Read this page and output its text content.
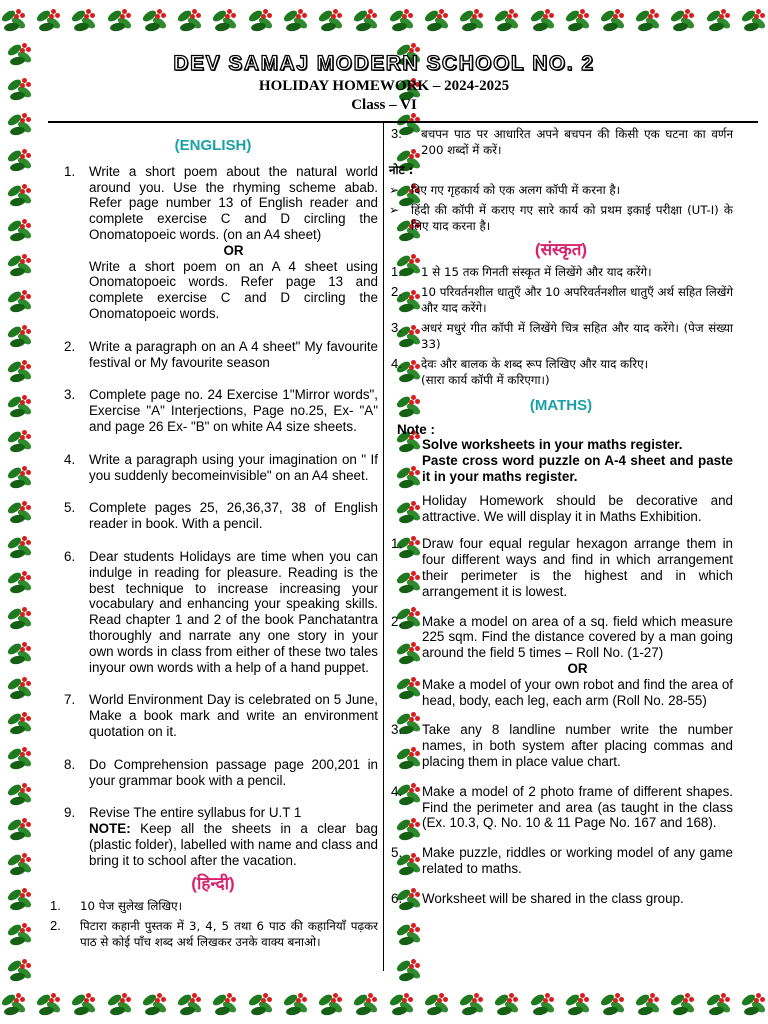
DEV SAMAJ MODERN SCHOOL NO. 2
HOLIDAY HOMEWORK – 2024-2025
Class – VI
(ENGLISH)
1.	Write a short poem about the natural world around you. Use the rhyming scheme abab. Refer page number 13 of English reader and complete exercise C and D circling the Onomatopoeic words. (on an A4 sheet)
OR
Write a short poem on an A 4 sheet using Onomatopoeic words. Refer page 13 and complete exercise C and D circling the Onomatopoeic words.
2.	Write a paragraph on an A 4 sheet" My favourite festival or My favourite season
3.	Complete page no. 24 Exercise 1"Mirror words", Exercise "A" Interjections, Page no.25, Ex- "A" and page 26 Ex- "B" on white A4 size sheets.
4.	Write a paragraph using your imagination on " If you suddenly becomeinvisible" on an A4 sheet.
5.	Complete pages 25, 26,36,37, 38 of English reader in book. With a pencil.
6.	Dear students Holidays are time when you can indulge in reading for pleasure. Reading is the best technique to increase increasing your vocabulary and enhancing your speaking skills. Read chapter 1 and 2 of the book Panchatantra thoroughly and narrate any one story in your own words in class from either of these two tales inyour own words with a help of a hand puppet.
7.	World Environment Day is celebrated on 5 June, Make a book mark and write an environment quotation on it.
8.	Do Comprehension passage page 200,201 in your grammar book with a pencil.
9.	Revise The entire syllabus for U.T 1
NOTE: Keep all the sheets in a clear bag (plastic folder), labelled with name and class and bring it to school after the vacation.
(हिन्दी)
1.	10 पेज सुलेख लिखिए।
2.	पिटारा कहानी पुस्तक में 3, 4, 5 तथा 6 पाठ की कहानियाँ पढ़कर पाठ से कोई पाँच शब्द अर्थ लिखकर उनके वाक्य बनाओ।
3.	बचपन पाठ पर आधारित अपने बचपन की किसी एक घटना का वर्णन 200 शब्दों में करें।
नोट :
➢	दिए गए गृहकार्य को एक अलग कॉपी में करना है।
➢	हिंदी की कॉपी में कराए गए सारे कार्य को प्रथम इकाई परीक्षा (UT-I) के लिए याद करना है।
(संस्कृत)
1.	1 से 15 तक गिनती संस्कृत में लिखेंगे और याद करेंगे।
2.	10 परिवर्तनशील धातुएँ और 10 अपरिवर्तनशील धातुएँ अर्थ सहित लिखेंगे और याद करेंगे।
3.	अधरं मधुरं गीत कॉपी में लिखेंगे चित्र सहित और याद करेंगे। (पेज संख्या 33)
4.	देवः और बालक के शब्द रूप लिखिए और याद करिए।
(सारा कार्य कॉपी में करिएगा।)
(MATHS)
Note :
Solve worksheets in your maths register.
Paste cross word puzzle on A-4 sheet and paste it in your maths register.
Holiday Homework should be decorative and attractive. We will display it in Maths Exhibition.
1.	Draw four equal regular hexagon arrange them in four different ways and find in which arrangement their perimeter is the highest and in which arrangement it is lowest.
2.	Make a model on area of a sq. field which measure 225 sqm. Find the distance covered by a man going around the field 5 times – Roll No. (1-27)
OR
Make a model of your own robot and find the area of head, body, each leg, each arm (Roll No. 28-55)
3.	Take any 8 landline number write the number names, in both system after placing commas and placing them in place value chart.
4.	Make a model of 2 photo frame of different shapes. Find the perimeter and area (as taught in the class (Ex. 10.3, Q. No. 10 & 11 Page No. 167 and 168).
5.	Make puzzle, riddles or working model of any game related to maths.
6.	Worksheet will be shared in the class group.
